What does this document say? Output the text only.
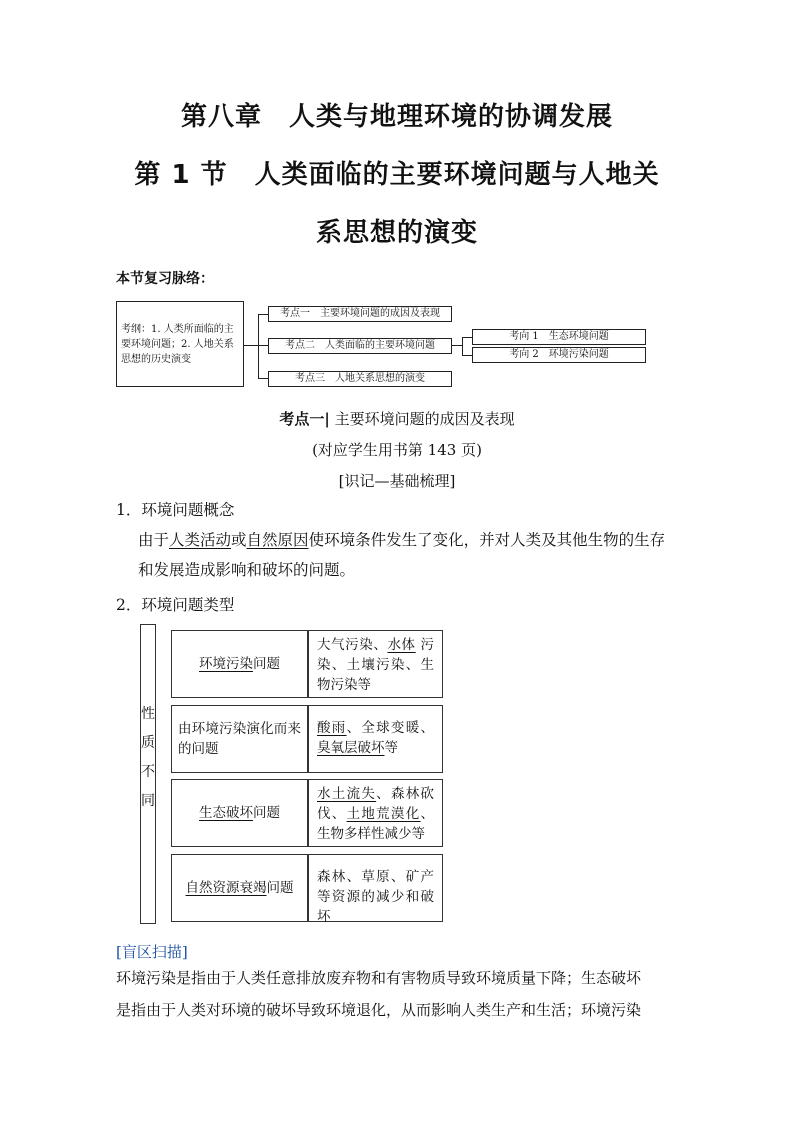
第八章　人类与地理环境的协调发展
第 1 节　人类面临的主要环境问题与人地关
系思想的演变
本节复习脉络：
考纲：1. 人类所面临的主
要环境问题；2. 人地关系
思想的历史演变
考点一　主要环境问题的成因及表现
考点二　人类面临的主要环境问题
考点三　人地关系思想的演变
考向 1　生态环境问题
考向 2　环境污染问题
考点一| 主要环境问题的成因及表现
(对应学生用书第 143 页)
[识记—基础梳理]
1．环境问题概念
由于人类活动或自然原因使环境条件发生了变化，并对人类及其他生物的生存
和发展造成影响和破坏的问题。
2．环境问题类型
性
质
不
同
环境污染问题
大气污染、水体 污染、土壤污染、生物污染等
由环境污染演化而来的问题
酸雨、全球变暖、臭氧层破坏等
生态破坏问题
水土流失、森林砍伐、土地荒漠化、生物多样性减少等
自然资源衰竭问题
森林、草原、矿产等资源的减少和破坏
[盲区扫描]
环境污染是指由于人类任意排放废弃物和有害物质导致环境质量下降；生态破坏
是指由于人类对环境的破坏导致环境退化，从而影响人类生产和生活；环境污染
